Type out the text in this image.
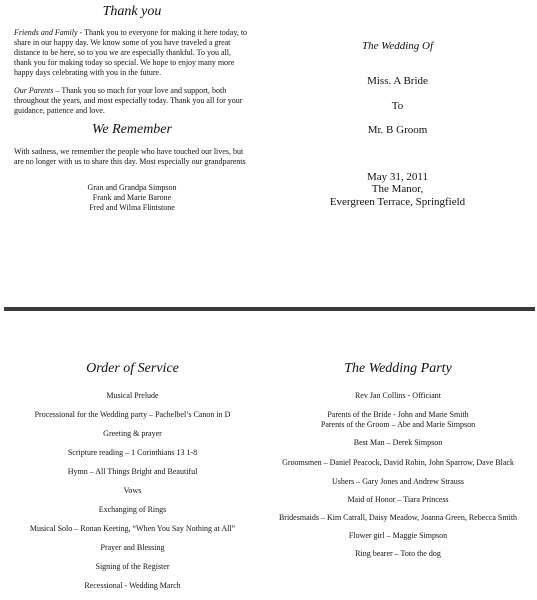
Thank you
Friends and Family - Thank you to everyone for making it here today, to share in our happy day. We know some of you have traveled a great distance to be here, so to you we are especially thankful. To you all, thank you for making today so special. We hope to enjoy many more happy days celebrating with you in the future.
Our Parents – Thank you so much for your love and support, both throughout the years, and most especially today. Thank you all for your guidance, patience and love.
We Remember
With sadness, we remember the people who have touched our lives, but are no longer with us to share this day. Most especially our grandparents
Gran and Grandpa Simpson
Frank and Marie Barone
Fred and Wilma Flintstone
The Wedding Of
Miss. A Bride
To
Mr. B Groom
May 31, 2011
The Manor,
Evergreen Terrace, Springfield
Order of Service
Musical Prelude
Processional for the Wedding party – Pachelbel’s Canon in D
Greeting & prayer
Scripture reading – 1 Corinthians 13 1-8
Hymn – All Things Bright and Beautiful
Vows
Exchanging of Rings
Musical Solo – Ronan Keeting, “When You Say Nothing at All”
Prayer and Blessing
Signing of the Register
Recessional - Wedding March
The Wedding Party
Rev Jan Collins - Officiant
Parents of the Bride - John and Marie Smith
Parents of the Groom – Abe and Marie Simpson
Best Man – Derek Simpson
Groomsmen – Daniel Peacock, David Robin, John Sparrow, Dave Black
Ushers – Gary Jones and Andrew Strauss
Maid of Honor – Tiara Princess
Bridesmaids – Kim Catrall, Daisy Meadow, Joanna Green, Rebecca Smith
Flower girl – Maggie Simpson
Ring bearer – Toto the dog
